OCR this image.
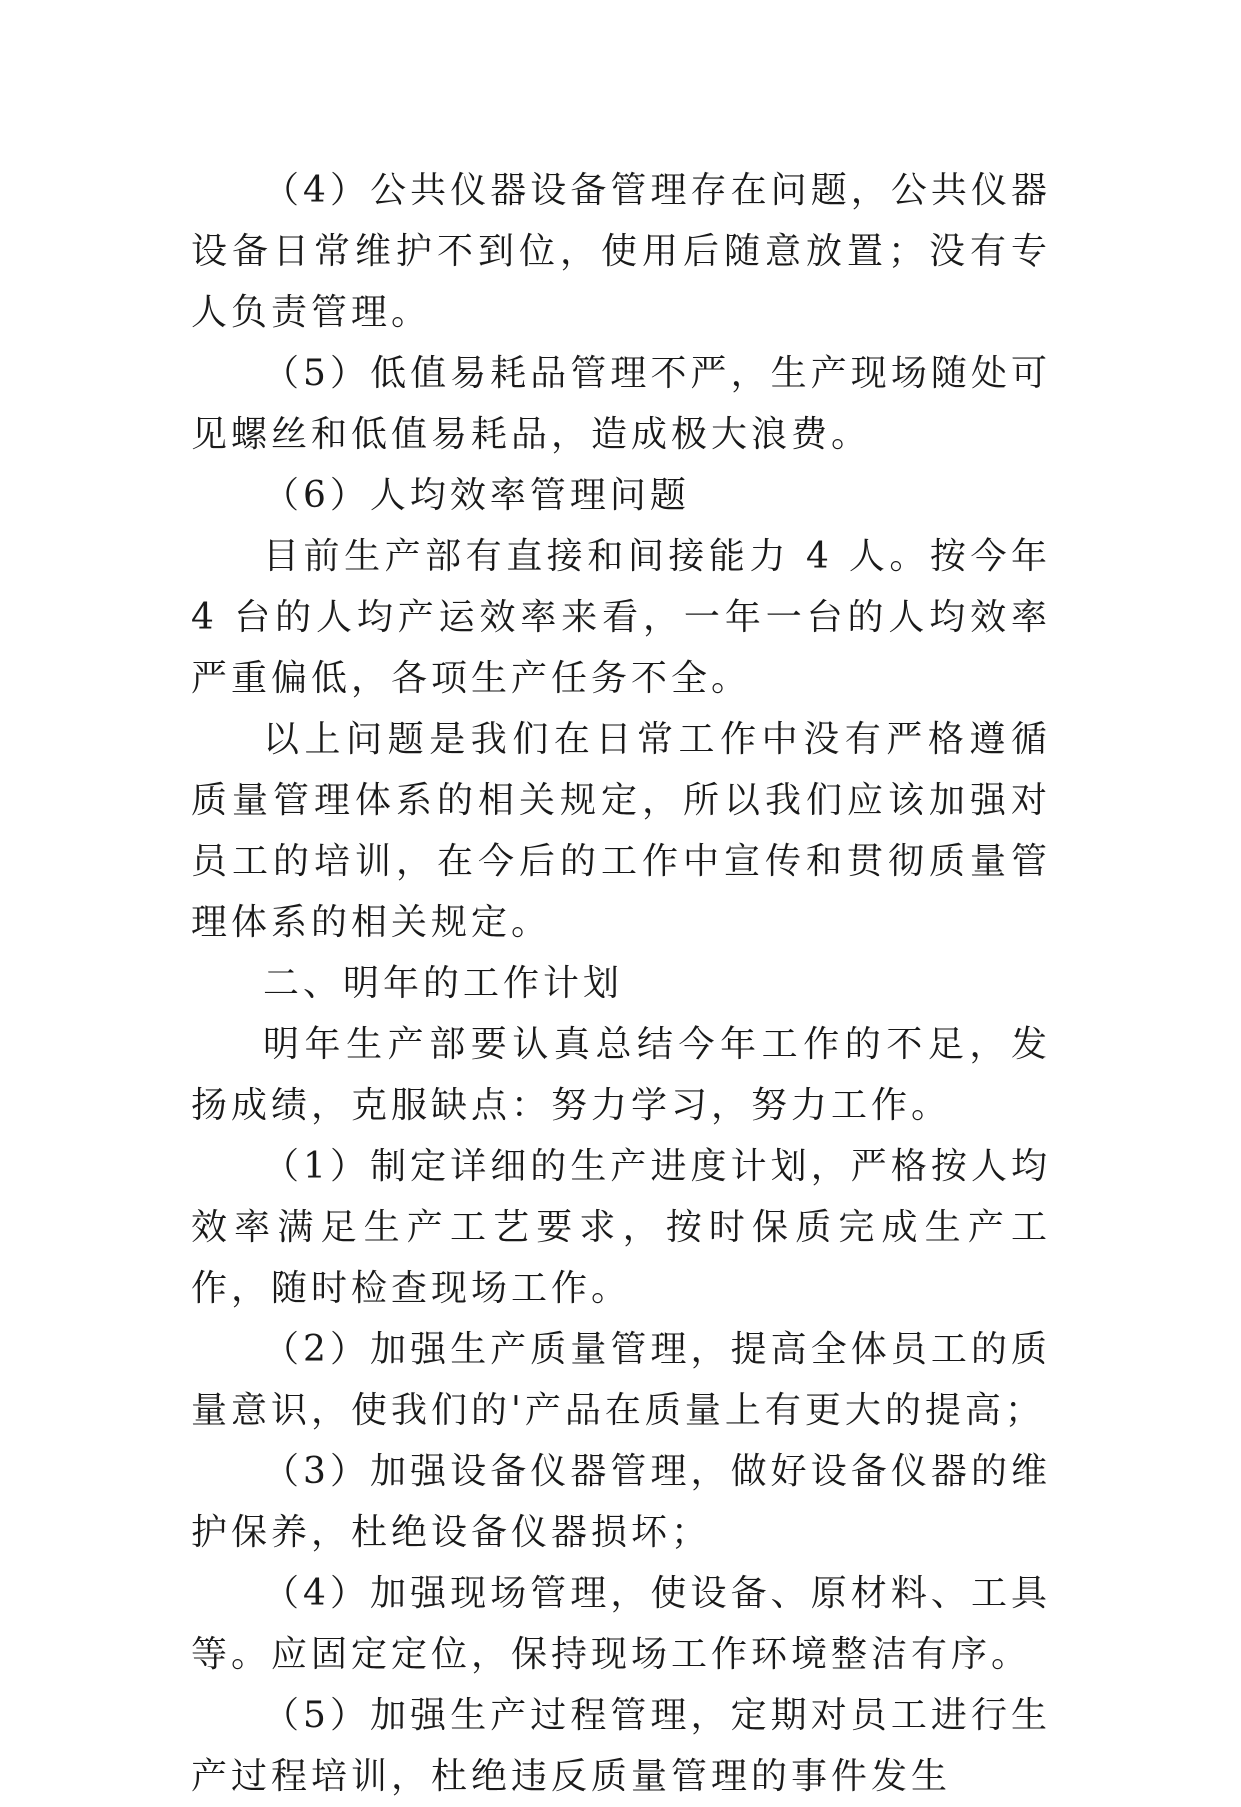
（4）公共仪器设备管理存在问题，公共仪器设备日常维护不到位，使用后随意放置；没有专人负责管理。

（5）低值易耗品管理不严，生产现场随处可见螺丝和低值易耗品，造成极大浪费。

（6）人均效率管理问题

目前生产部有直接和间接能力 4 人。按今年 4 台的人均产运效率来看，一年一台的人均效率严重偏低，各项生产任务不全。

以上问题是我们在日常工作中没有严格遵循质量管理体系的相关规定，所以我们应该加强对员工的培训，在今后的工作中宣传和贯彻质量管理体系的相关规定。

二、明年的工作计划

明年生产部要认真总结今年工作的不足，发扬成绩，克服缺点：努力学习，努力工作。

（1）制定详细的生产进度计划，严格按人均效率满足生产工艺要求，按时保质完成生产工作，随时检查现场工作。

（2）加强生产质量管理，提高全体员工的质量意识，使我们的'产品在质量上有更大的提高；

（3）加强设备仪器管理，做好设备仪器的维护保养，杜绝设备仪器损坏；

（4）加强现场管理，使设备、原材料、工具等。应固定定位，保持现场工作环境整洁有序。

（5）加强生产过程管理，定期对员工进行生产过程培训，杜绝违反质量管理的事件发生
